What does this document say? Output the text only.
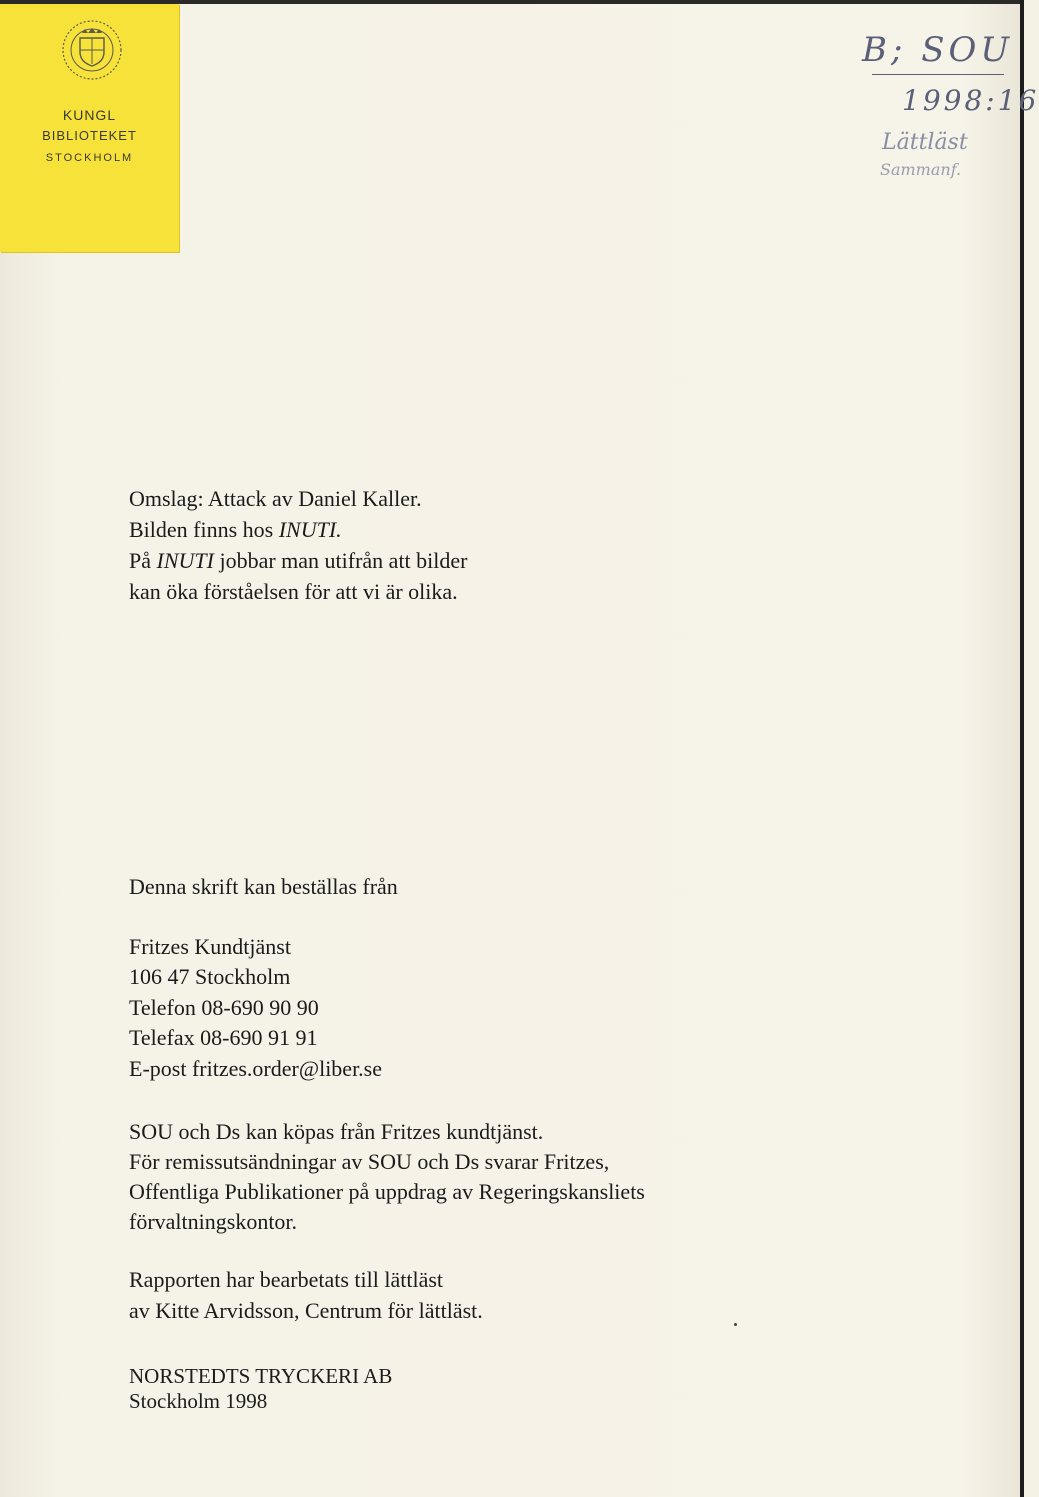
KUNGL

BIBLIOTEKET

STOCKHOLM

B; SOU

1998:16

Lättläst

Sammanf.

Omslag: Attack av Daniel Kaller.

Bilden finns hos INUTI.

På INUTI jobbar man utifrån att bilder

kan öka förståelsen för att vi är olika.

Denna skrift kan beställas från

Fritzes Kundtjänst

106 47 Stockholm

Telefon 08-690 90 90

Telefax 08-690 91 91

E-post fritzes.order@liber.se

SOU och Ds kan köpas från Fritzes kundtjänst.

För remissutsändningar av SOU och Ds svarar Fritzes,

Offentliga Publikationer på uppdrag av Regeringskansliets

förvaltningskontor.

Rapporten har bearbetats till lättläst

av Kitte Arvidsson, Centrum för lättläst.

NORSTEDTS TRYCKERI AB

Stockholm 1998
